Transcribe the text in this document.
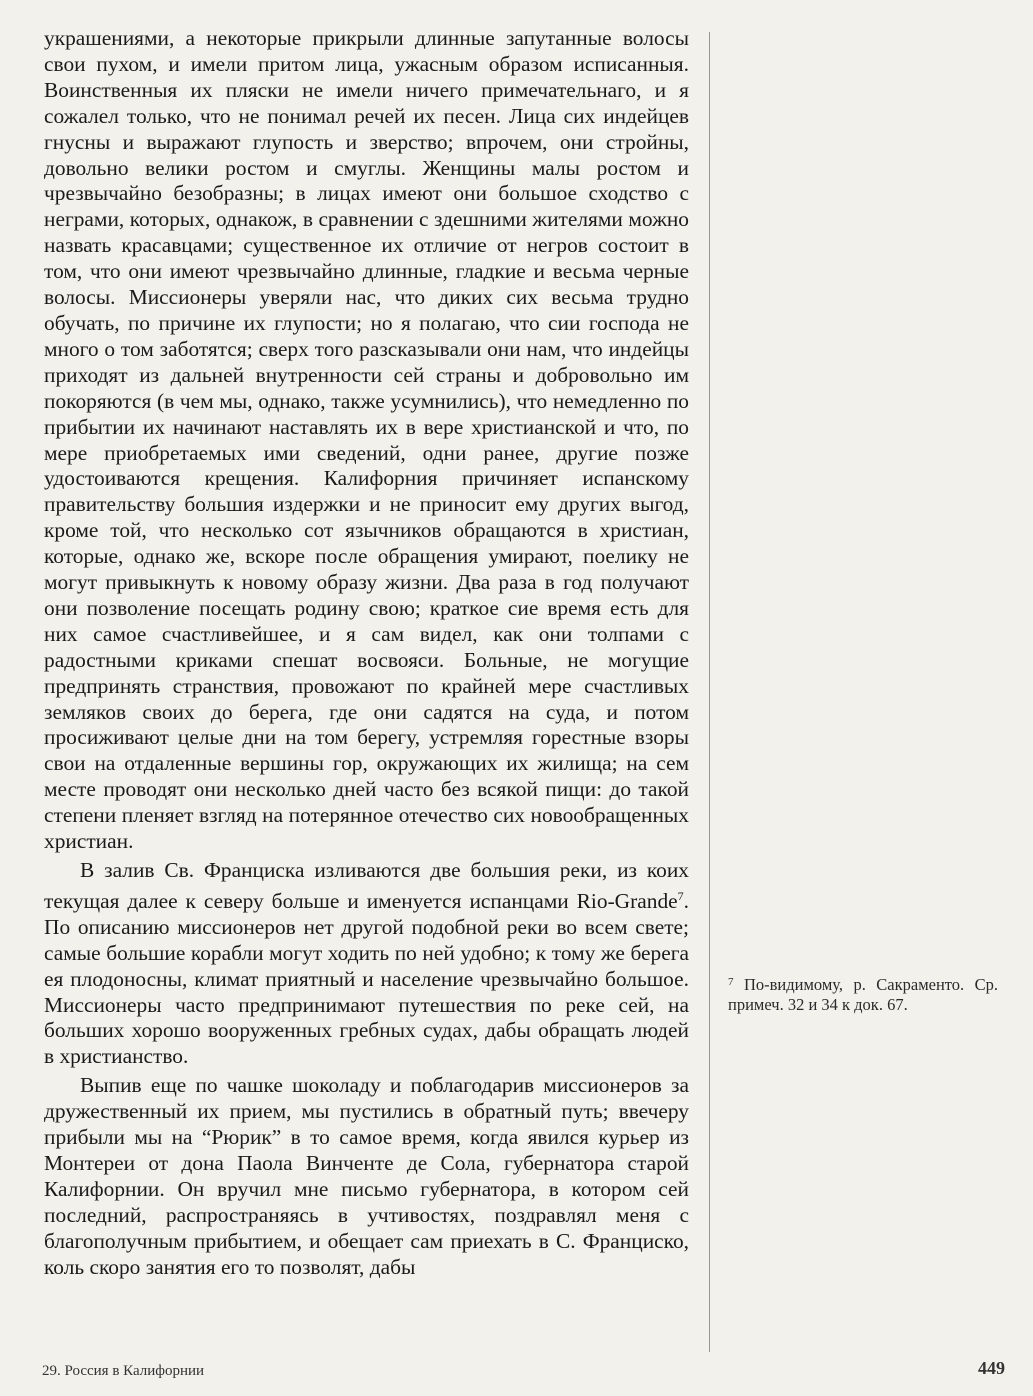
украшениями, а некоторые прикрыли длинные запутанные волосы свои пухом, и имели притом лица, ужасным образом исписанныя. Воинственныя их пляски не имели ничего примечательнаго, и я сожалел только, что не понимал речей их песен. Лица сих индейцев гнусны и выражают глупость и зверство; впрочем, они стройны, довольно велики ростом и смуглы. Женщины малы ростом и чрезвычайно безобразны; в лицах имеют они большое сходство с неграми, которых, однакож, в сравнении с здешними жителями можно назвать красавцами; существенное их отличие от негров состоит в том, что они имеют чрезвычайно длинные, гладкие и весьма черные волосы. Миссионеры уверяли нас, что диких сих весьма трудно обучать, по причине их глупости; но я полагаю, что сии господа не много о том заботятся; сверх того разсказывали они нам, что индейцы приходят из дальней внутренности сей страны и добровольно им покоряются (в чем мы, однако, также усумнились), что немедленно по прибытии их начинают наставлять их в вере христианской и что, по мере приобретаемых ими сведений, одни ранее, другие позже удостоиваются крещения. Калифорния причиняет испанскому правительству большия издержки и не приносит ему других выгод, кроме той, что несколько сот язычников обращаются в христиан, которые, однако же, вскоре после обращения умирают, поелику не могут привыкнуть к новому образу жизни. Два раза в год получают они позволение посещать родину свою; краткое сие время есть для них самое счастливейшее, и я сам видел, как они толпами с радостными криками спешат восвояси. Больные, не могущие предпринять странствия, провожают по крайней мере счастливых земляков своих до берега, где они садятся на суда, и потом просиживают целые дни на том берегу, устремляя горестные взоры свои на отдаленные вершины гор, окружающих их жилища; на сем месте проводят они несколько дней часто без всякой пищи: до такой степени пленяет взгляд на потерянное отечество сих новообращенных христиан.

В залив Св. Франциска изливаются две большия реки, из коих текущая далее к северу больше и именуется испанцами Rio-Grande$^7$. По описанию миссионеров нет другой подобной реки во всем свете; самые большие корабли могут ходить по ней удобно; к тому же берега ея плодоносны, климат приятный и население чрезвычайно большое. Миссионеры часто предпринимают путешествия по реке сей, на больших хорошо вооруженных гребных судах, дабы обращать людей в христианство.

Выпив еще по чашке шоколаду и поблагодарив миссионеров за дружественный их прием, мы пустились в обратный путь; ввечеру прибыли мы на “Рюрик” в то самое время, когда явился курьер из Монтереи от дона Паола Винченте де Сола, губернатора старой Калифорнии. Он вручил мне письмо губернатора, в котором сей последний, распространяясь в учтивостях, поздравлял меня с благополучным прибытием, и обещает сам приехать в С. Франциско, коль скоро занятия его то позволят, дабы

$^7$ По-видимому, р. Сакраменто. Ср. примеч. 32 и 34 к док. 67.
29. Россия в Калифорнии	449
